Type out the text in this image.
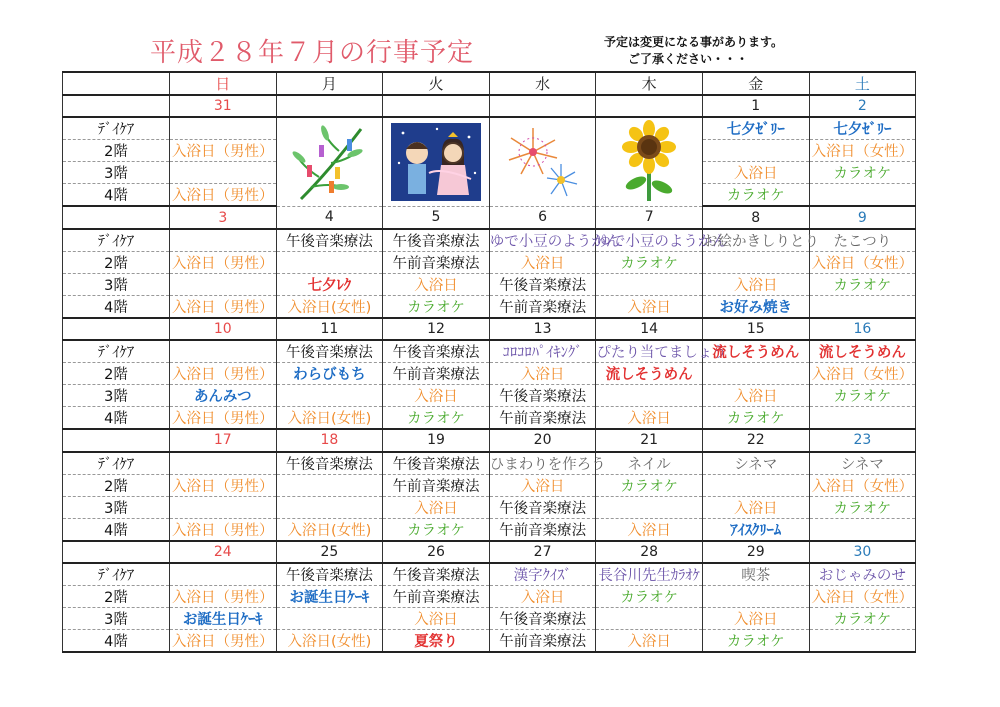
平成２８年７月の行事予定	予定は変更になる事があります。
ご了承ください・・・
	日	月	火	水	木	金	土
	31					1	2
ﾃﾞｲｹｱ						七夕ｾﾞﾘｰ	七夕ｾﾞﾘｰ
2階	入浴日（男性）						入浴日（女性）
3階						入浴日	カラオケ
4階	入浴日（男性）					カラオケ	
	3	4	5	6	7	8	9
ﾃﾞｲｹｱ		午後音楽療法	午後音楽療法	ゆで小豆のようかん	ゆで小豆のようかん	お絵かきしりとり	たこつり
2階	入浴日（男性）		午前音楽療法	入浴日	カラオケ		入浴日（女性）
3階		七夕ﾚｸ	入浴日	午後音楽療法		入浴日	カラオケ
4階	入浴日（男性）	入浴日(女性)	カラオケ	午前音楽療法	入浴日	お好み焼き	
	10	11	12	13	14	15	16
ﾃﾞｲｹｱ		午後音楽療法	午後音楽療法	ｺﾛｺﾛﾊﾟｲｷﾝｸﾞ	ぴたり当てましょう	流しそうめん	流しそうめん
2階	入浴日（男性）	わらびもち	午前音楽療法	入浴日	流しそうめん		入浴日（女性）
3階	あんみつ		入浴日	午後音楽療法		入浴日	カラオケ
4階	入浴日（男性）	入浴日(女性)	カラオケ	午前音楽療法	入浴日	カラオケ	
	17	18	19	20	21	22	23
ﾃﾞｲｹｱ		午後音楽療法	午後音楽療法	ひまわりを作ろう	ネイル	シネマ	シネマ
2階	入浴日（男性）		午前音楽療法	入浴日	カラオケ		入浴日（女性）
3階			入浴日	午後音楽療法		入浴日	カラオケ
4階	入浴日（男性）	入浴日(女性)	カラオケ	午前音楽療法	入浴日	ｱｲｽｸﾘｰﾑ	
	24	25	26	27	28	29	30
ﾃﾞｲｹｱ		午後音楽療法	午後音楽療法	漢字ｸｲｽﾞ	長谷川先生ｶﾗｵｹ	喫茶	おじゃみのせ
2階	入浴日（男性）	お誕生日ｹｰｷ	午前音楽療法	入浴日	カラオケ		入浴日（女性）
3階	お誕生日ｹｰｷ		入浴日	午後音楽療法		入浴日	カラオケ
4階	入浴日（男性）	入浴日(女性)	夏祭り	午前音楽療法	入浴日	カラオケ	
